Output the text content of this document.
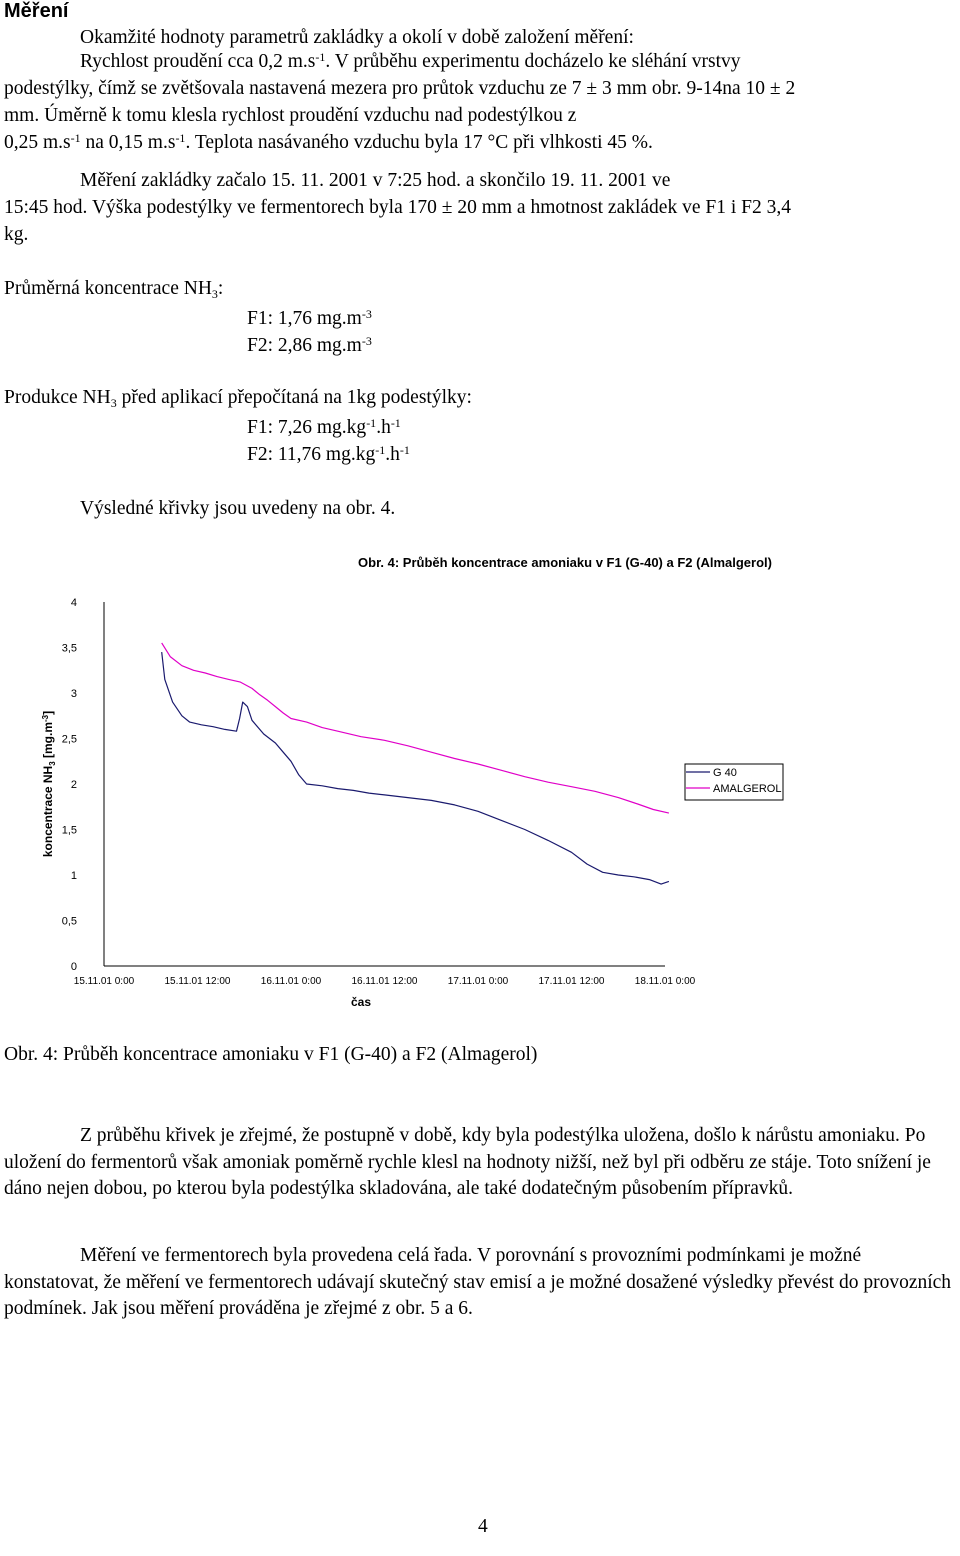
Měření
Okamžité hodnoty parametrů zakládky a okolí v době založení měření:
Rychlost proudění cca 0,2 $m.s^{-1}$. V průběhu experimentu docházelo ke sléhání vrstvy
podestýlky, čímž se zvětšovala nastavená mezera pro průtok vzduchu ze 7 ± 3 mm obr. 9-14na 10 ± 2
mm. Úměrně k tomu klesla rychlost proudění vzduchu nad podestýlkou z
0,25 $m.s^{-1}$ na 0,15 $m.s^{-1}$. Teplota nasávaného vzduchu byla 17 °C při vlhkosti 45 %.
Měření zakládky začalo 15. 11. 2001 v 7:25 hod. a skončilo 19. 11. 2001 ve
15:45 hod. Výška podestýlky ve fermentorech byla 170 ± 20 mm a hmotnost zakládek ve F1 i F2 3,4
kg.
Průměrná koncentrace $NH_3$:
F1: 1,76 $mg.m^{-3}$
F2: 2,86 $mg.m^{-3}$
Produkce $NH_3$ před aplikací přepočítaná na 1kg podestýlky:
F1: 7,26 $mg.kg^{-1}.h^{-1}$
F2: 11,76 $mg.kg^{-1}.h^{-1}$
Výsledné křivky jsou uvedeny na obr. 4.
Obr. 4: Průběh koncentrace amoniaku v F1 (G-40) a F2 (Almalgerol)
0
0,5
1
1,5
2
2,5
3
3,5
4
15.11.01 0:00	15.11.01 12:00	16.11.01 0:00	16.11.01 12:00	17.11.01 0:00	17.11.01 12:00	18.11.01 0:00
koncentrace $NH_3$ $[mg.m^{-3}]$
čas
G 40
AMALGEROL
Obr. 4: Průběh koncentrace amoniaku v F1 (G-40) a F2 (Almagerol)
Z průběhu křivek je zřejmé, že postupně v době, kdy byla podestýlka uložena, došlo k nárůstu amoniaku. Po uložení do fermentorů však amoniak poměrně rychle klesl na hodnoty nižší, než byl při odběru ze stáje. Toto snížení je dáno nejen dobou, po kterou byla podestýlka skladována, ale také dodatečným působením přípravků.
Měření ve fermentorech byla provedena celá řada. V porovnání s provozními podmínkami je možné konstatovat, že měření ve fermentorech udávají skutečný stav emisí a je možné dosažené výsledky převést do provozních podmínek. Jak jsou měření prováděna je zřejmé z obr. 5 a 6.
4
